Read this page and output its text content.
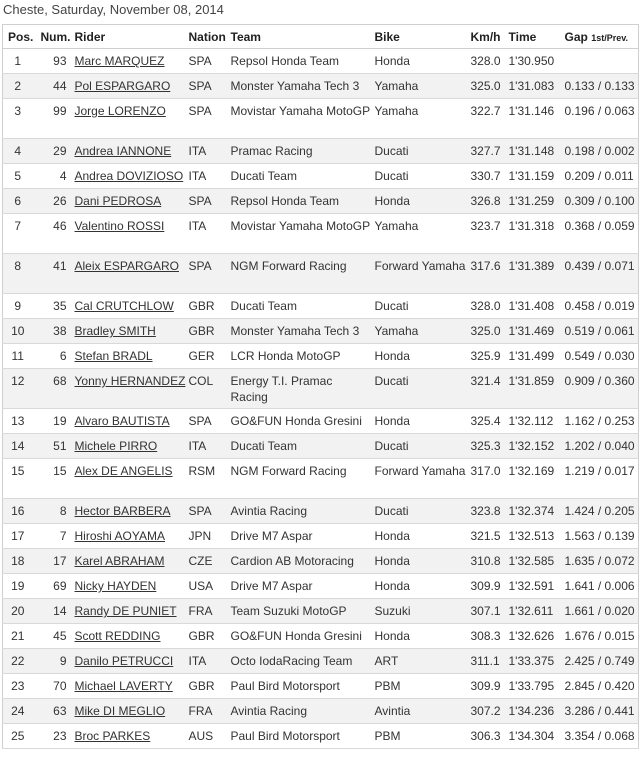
Cheste, Saturday, November 08, 2014
Pos.	Num.	Rider	Nation	Team	Bike	Km/h	Time	Gap 1st/Prev.
1	93	Marc MARQUEZ	SPA	Repsol Honda Team	Honda	328.0	1'30.950	
2	44	Pol ESPARGARO	SPA	Monster Yamaha Tech 3	Yamaha	325.0	1'31.083	0.133 / 0.133
3	99	Jorge LORENZO	SPA	Movistar Yamaha MotoGP	Yamaha	322.7	1'31.146	0.196 / 0.063
4	29	Andrea IANNONE	ITA	Pramac Racing	Ducati	327.7	1'31.148	0.198 / 0.002
5	4	Andrea DOVIZIOSO	ITA	Ducati Team	Ducati	330.7	1'31.159	0.209 / 0.011
6	26	Dani PEDROSA	SPA	Repsol Honda Team	Honda	326.8	1'31.259	0.309 / 0.100
7	46	Valentino ROSSI	ITA	Movistar Yamaha MotoGP	Yamaha	323.7	1'31.318	0.368 / 0.059
8	41	Aleix ESPARGARO	SPA	NGM Forward Racing	Forward Yamaha	317.6	1'31.389	0.439 / 0.071
9	35	Cal CRUTCHLOW	GBR	Ducati Team	Ducati	328.0	1'31.408	0.458 / 0.019
10	38	Bradley SMITH	GBR	Monster Yamaha Tech 3	Yamaha	325.0	1'31.469	0.519 / 0.061
11	6	Stefan BRADL	GER	LCR Honda MotoGP	Honda	325.9	1'31.499	0.549 / 0.030
12	68	Yonny HERNANDEZ	COL	Energy T.I. Pramac Racing	Ducati	321.4	1'31.859	0.909 / 0.360
13	19	Alvaro BAUTISTA	SPA	GO&FUN Honda Gresini	Honda	325.4	1'32.112	1.162 / 0.253
14	51	Michele PIRRO	ITA	Ducati Team	Ducati	325.3	1'32.152	1.202 / 0.040
15	15	Alex DE ANGELIS	RSM	NGM Forward Racing	Forward Yamaha	317.0	1'32.169	1.219 / 0.017
16	8	Hector BARBERA	SPA	Avintia Racing	Ducati	323.8	1'32.374	1.424 / 0.205
17	7	Hiroshi AOYAMA	JPN	Drive M7 Aspar	Honda	321.5	1'32.513	1.563 / 0.139
18	17	Karel ABRAHAM	CZE	Cardion AB Motoracing	Honda	310.8	1'32.585	1.635 / 0.072
19	69	Nicky HAYDEN	USA	Drive M7 Aspar	Honda	309.9	1'32.591	1.641 / 0.006
20	14	Randy DE PUNIET	FRA	Team Suzuki MotoGP	Suzuki	307.1	1'32.611	1.661 / 0.020
21	45	Scott REDDING	GBR	GO&FUN Honda Gresini	Honda	308.3	1'32.626	1.676 / 0.015
22	9	Danilo PETRUCCI	ITA	Octo IodaRacing Team	ART	311.1	1'33.375	2.425 / 0.749
23	70	Michael LAVERTY	GBR	Paul Bird Motorsport	PBM	309.9	1'33.795	2.845 / 0.420
24	63	Mike DI MEGLIO	FRA	Avintia Racing	Avintia	307.2	1'34.236	3.286 / 0.441
25	23	Broc PARKES	AUS	Paul Bird Motorsport	PBM	306.3	1'34.304	3.354 / 0.068
